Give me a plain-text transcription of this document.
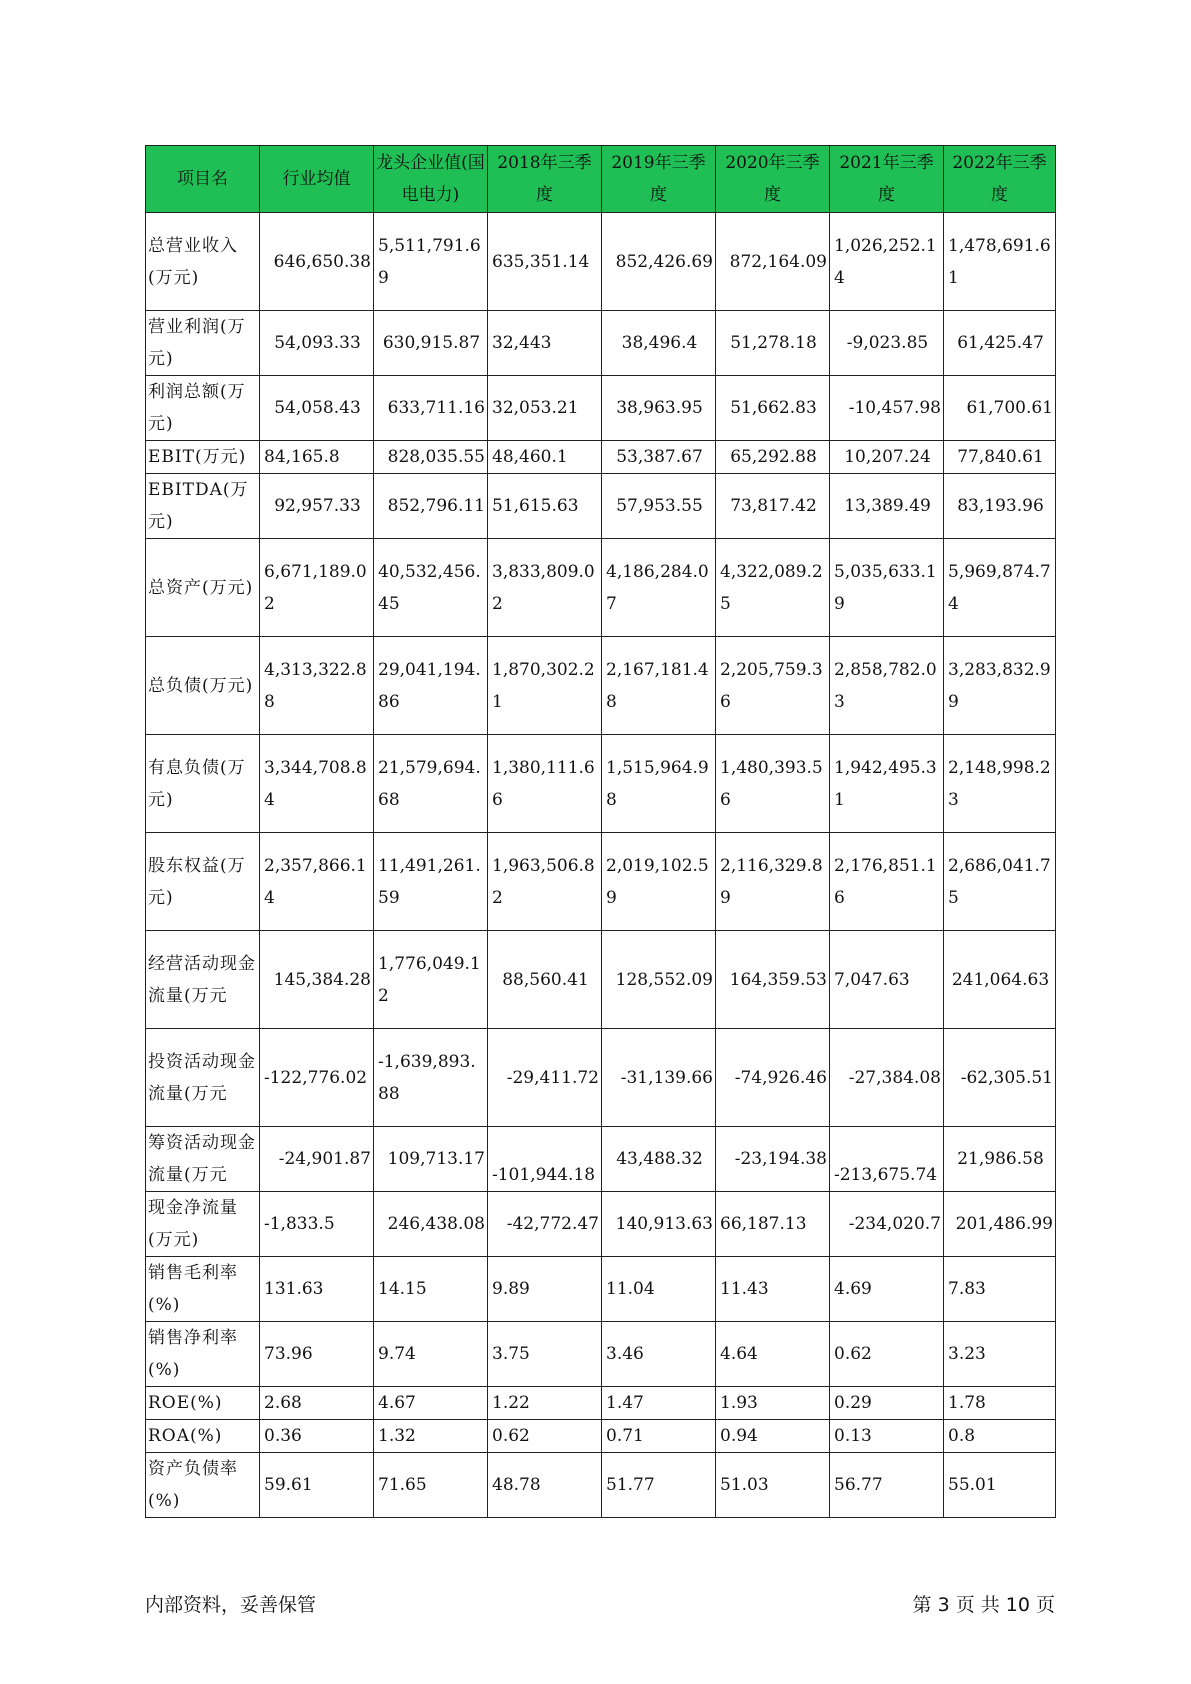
项目名	行业均值	龙头企业值(国电电力)	2018年三季度	2019年三季度	2020年三季度	2021年三季度	2022年三季度
总营业收入(万元)	646,650.38	5,511,791.69	635,351.14	852,426.69	872,164.09	1,026,252.14	1,478,691.61
营业利润(万元)	54,093.33	630,915.87	32,443	38,496.4	51,278.18	-9,023.85	61,425.47
利润总额(万元)	54,058.43	633,711.16	32,053.21	38,963.95	51,662.83	-10,457.98	61,700.61
EBIT(万元)	84,165.8	828,035.55	48,460.1	53,387.67	65,292.88	10,207.24	77,840.61
EBITDA(万元)	92,957.33	852,796.11	51,615.63	57,953.55	73,817.42	13,389.49	83,193.96
总资产(万元)	6,671,189.02	40,532,456.45	3,833,809.02	4,186,284.07	4,322,089.25	5,035,633.19	5,969,874.74
总负债(万元)	4,313,322.88	29,041,194.86	1,870,302.21	2,167,181.48	2,205,759.36	2,858,782.03	3,283,832.99
有息负债(万元)	3,344,708.84	21,579,694.68	1,380,111.66	1,515,964.98	1,480,393.56	1,942,495.31	2,148,998.23
股东权益(万元)	2,357,866.14	11,491,261.59	1,963,506.82	2,019,102.59	2,116,329.89	2,176,851.16	2,686,041.75
经营活动现金流量(万元	145,384.28	1,776,049.12	88,560.41	128,552.09	164,359.53	7,047.63	241,064.63
投资活动现金流量(万元	-122,776.02	-1,639,893.88	-29,411.72	-31,139.66	-74,926.46	-27,384.08	-62,305.51
筹资活动现金流量(万元	-24,901.87	109,713.17	-101,944.18	43,488.32	-23,194.38	-213,675.74	21,986.58
现金净流量(万元)	-1,833.5	246,438.08	-42,772.47	140,913.63	66,187.13	-234,020.7	201,486.99
销售毛利率(%)	131.63	14.15	9.89	11.04	11.43	4.69	7.83
销售净利率(%)	73.96	9.74	3.75	3.46	4.64	0.62	3.23
ROE(%)	2.68	4.67	1.22	1.47	1.93	0.29	1.78
ROA(%)	0.36	1.32	0.62	0.71	0.94	0.13	0.8
资产负债率(%)	59.61	71.65	48.78	51.77	51.03	56.77	55.01
内部资料，妥善保管	第 3 页 共 10 页
